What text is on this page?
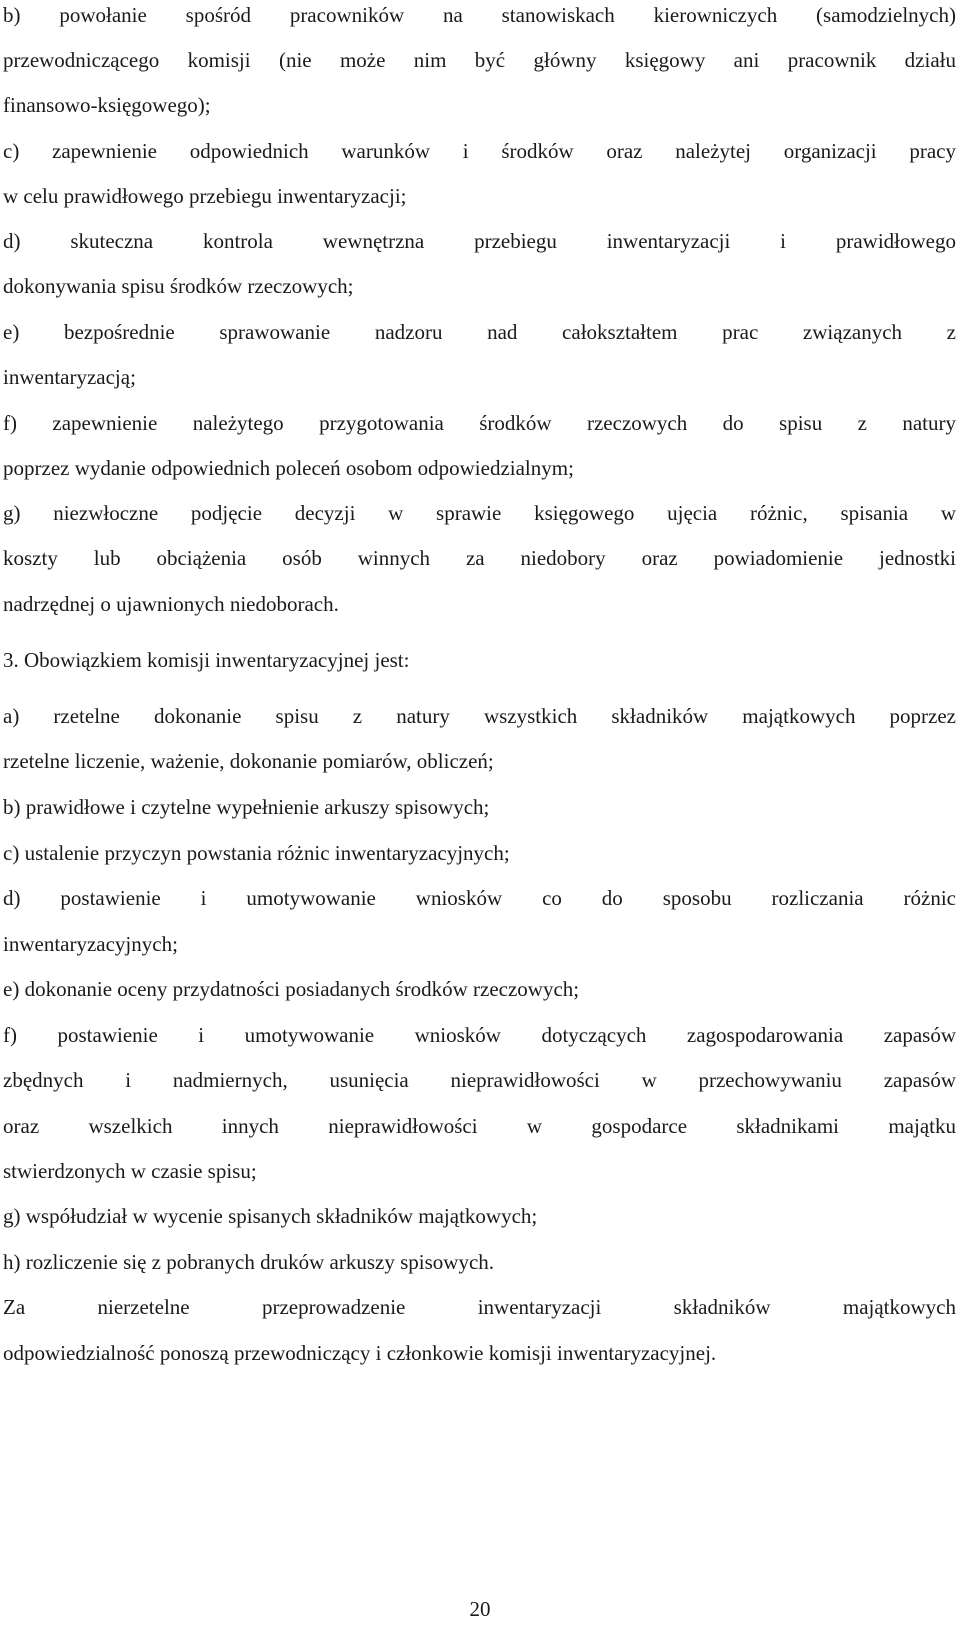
b) powołanie spośród pracowników na stanowiskach kierowniczych (samodzielnych)
przewodniczącego komisji (nie może nim być główny księgowy ani pracownik działu
finansowo-księgowego);
c) zapewnienie odpowiednich warunków i środków oraz należytej organizacji pracy
w celu prawidłowego przebiegu inwentaryzacji;
d) skuteczna kontrola wewnętrzna przebiegu inwentaryzacji i prawidłowego
dokonywania spisu środków rzeczowych;
e) bezpośrednie sprawowanie nadzoru nad całokształtem prac związanych z
inwentaryzacją;
f) zapewnienie należytego przygotowania środków rzeczowych do spisu z natury
poprzez wydanie odpowiednich poleceń osobom odpowiedzialnym;
g) niezwłoczne podjęcie decyzji w sprawie księgowego ujęcia różnic, spisania w
koszty lub obciążenia osób winnych za niedobory oraz powiadomienie jednostki
nadrzędnej o ujawnionych niedoborach.
3. Obowiązkiem komisji inwentaryzacyjnej jest:
a) rzetelne dokonanie spisu z natury wszystkich składników majątkowych poprzez
rzetelne liczenie, ważenie, dokonanie pomiarów, obliczeń;
b) prawidłowe i czytelne wypełnienie arkuszy spisowych;
c) ustalenie przyczyn powstania różnic inwentaryzacyjnych;
d) postawienie i umotywowanie wniosków co do sposobu rozliczania różnic
inwentaryzacyjnych;
e) dokonanie oceny przydatności posiadanych środków rzeczowych;
f) postawienie i umotywowanie wniosków dotyczących zagospodarowania zapasów
zbędnych i nadmiernych, usunięcia nieprawidłowości w przechowywaniu zapasów
oraz wszelkich innych nieprawidłowości w gospodarce składnikami majątku
stwierdzonych w czasie spisu;
g) współudział w wycenie spisanych składników majątkowych;
h) rozliczenie się z pobranych druków arkuszy spisowych.
Za nierzetelne przeprowadzenie inwentaryzacji składników majątkowych
odpowiedzialność ponoszą przewodniczący i członkowie komisji inwentaryzacyjnej.
20
